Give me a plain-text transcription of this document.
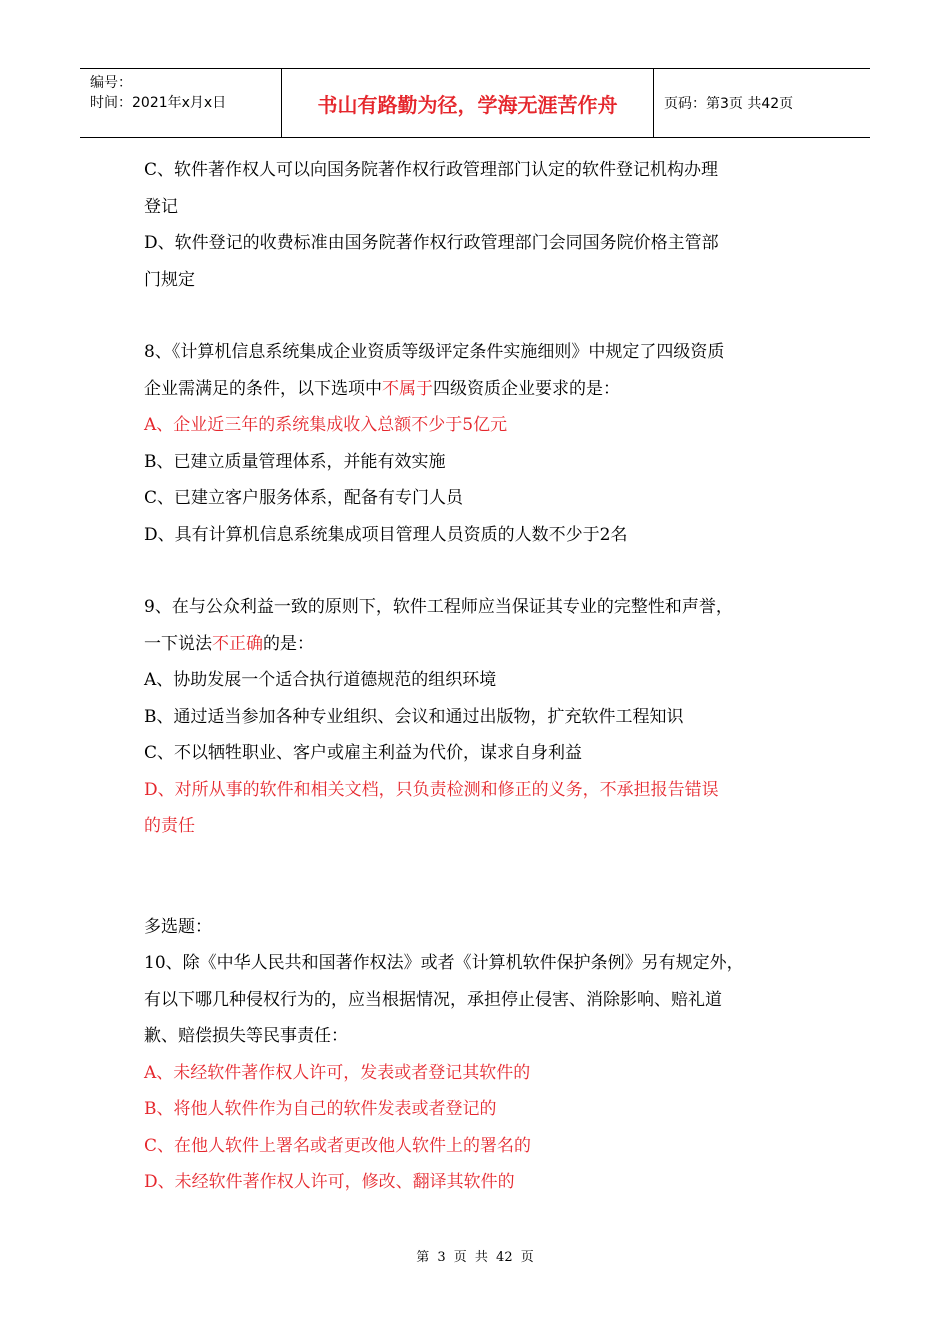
编号：
时间：2021年x月x日	书山有路勤为径，学海无涯苦作舟	页码：第3页 共42页
C、软件著作权人可以向国务院著作权行政管理部门认定的软件登记机构办理
登记
D、软件登记的收费标准由国务院著作权行政管理部门会同国务院价格主管部
门规定
8、《计算机信息系统集成企业资质等级评定条件实施细则》中规定了四级资质
企业需满足的条件，以下选项中不属于四级资质企业要求的是：
A、企业近三年的系统集成收入总额不少于5亿元
B、已建立质量管理体系，并能有效实施
C、已建立客户服务体系，配备有专门人员
D、具有计算机信息系统集成项目管理人员资质的人数不少于2名
9、在与公众利益一致的原则下，软件工程师应当保证其专业的完整性和声誉，
一下说法不正确的是：
A、协助发展一个适合执行道德规范的组织环境
B、通过适当参加各种专业组织、会议和通过出版物，扩充软件工程知识
C、不以牺牲职业、客户或雇主利益为代价，谋求自身利益
D、对所从事的软件和相关文档，只负责检测和修正的义务，不承担报告错误
的责任
多选题：
10、除《中华人民共和国著作权法》或者《计算机软件保护条例》另有规定外，
有以下哪几种侵权行为的，应当根据情况，承担停止侵害、消除影响、赔礼道
歉、赔偿损失等民事责任：
A、未经软件著作权人许可，发表或者登记其软件的
B、将他人软件作为自己的软件发表或者登记的
C、在他人软件上署名或者更改他人软件上的署名的
D、未经软件著作权人许可，修改、翻译其软件的
第 3 页 共 42 页
